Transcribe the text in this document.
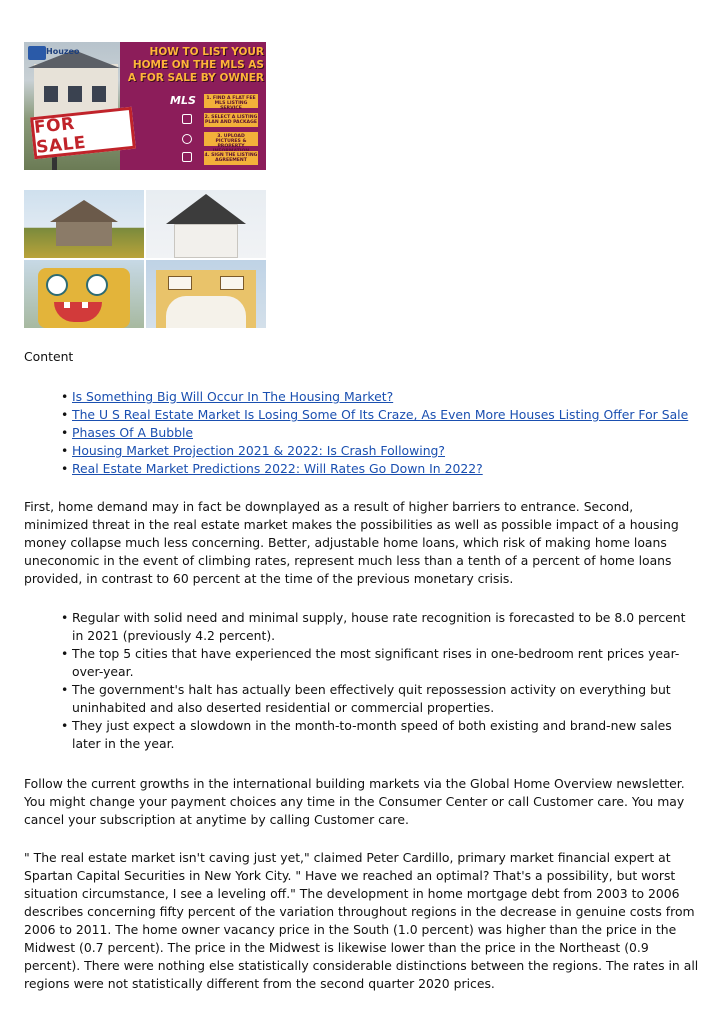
FOR SALE
Houzeo	HOW TO LIST YOUR HOME ON THE MLS AS A FOR SALE BY OWNER
MLS	1. FIND A FLAT FEE MLS LISTING SERVICE
2. SELECT A LISTING PLAN AND PACKAGE
3. UPLOAD PICTURES & PROPERTY
4. SIGN THE LISTING AGREEMENT

Content

• Is Something Big Will Occur In The Housing Market?
• The U S Real Estate Market Is Losing Some Of Its Craze, As Even More Houses Listing Offer For Sale
• Phases Of A Bubble
• Housing Market Projection 2021 & 2022: Is Crash Following?
• Real Estate Market Predictions 2022: Will Rates Go Down In 2022?

First, home demand may in fact be downplayed as a result of higher barriers to entrance. Second, minimized threat in the real estate market makes the possibilities as well as possible impact of a housing money collapse much less concerning. Better, adjustable home loans, which risk of making home loans uneconomic in the event of climbing rates, represent much less than a tenth of a percent of home loans provided, in contrast to 60 percent at the time of the previous monetary crisis.

• Regular with solid need and minimal supply, house rate recognition is forecasted to be 8.0 percent in 2021 (previously 4.2 percent).
• The top 5 cities that have experienced the most significant rises in one-bedroom rent prices year-over-year.
• The government's halt has actually been effectively quit repossession activity on everything but uninhabited and also deserted residential or commercial properties.
• They just expect a slowdown in the month-to-month speed of both existing and brand-new sales later in the year.

Follow the current growths in the international building markets via the Global Home Overview newsletter. You might change your payment choices any time in the Consumer Center or call Customer care. You may cancel your subscription at anytime by calling Customer care.

" The real estate market isn't caving just yet," claimed Peter Cardillo, primary market financial expert at Spartan Capital Securities in New York City. " Have we reached an optimal? That's a possibility, but worst situation circumstance, I see a leveling off." The development in home mortgage debt from 2003 to 2006 describes concerning fifty percent of the variation throughout regions in the decrease in genuine costs from 2006 to 2011. The home owner vacancy price in the South (1.0 percent) was higher than the price in the Midwest (0.7 percent). The price in the Midwest is likewise lower than the price in the Northeast (0.9 percent). There were nothing else statistically considerable distinctions between the regions. The rates in all regions were not statistically different from the second quarter 2020 prices.
